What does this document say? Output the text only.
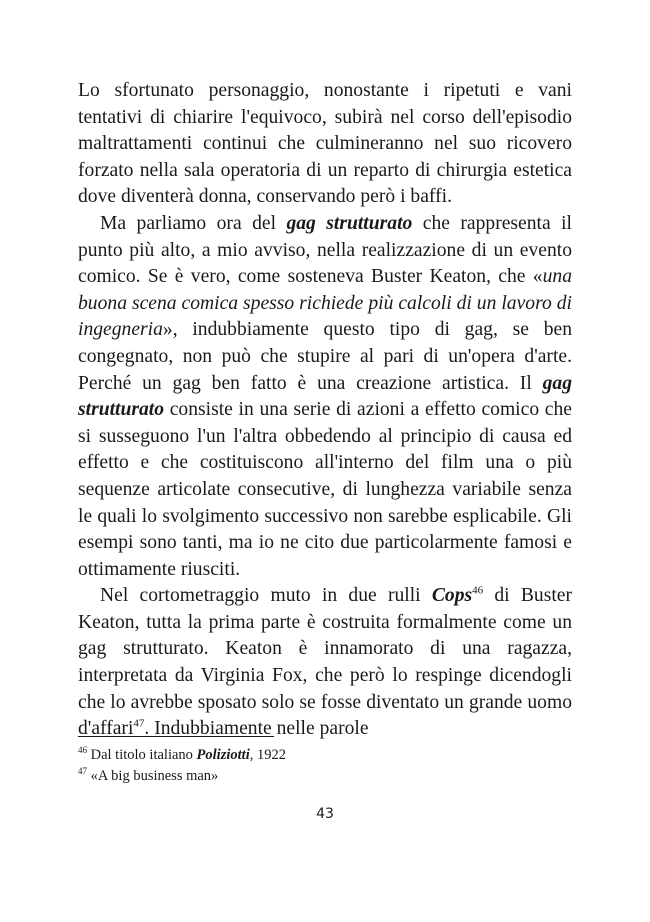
Lo sfortunato personaggio, nonostante i ripetuti e vani tentativi di chiarire l'equivoco, subirà nel corso dell'episodio maltrattamenti continui che culmineranno nel suo ricovero forzato nella sala operatoria di un reparto di chirurgia estetica dove diventerà donna, conservando però i baffi.

Ma parliamo ora del gag strutturato che rappresenta il punto più alto, a mio avviso, nella realizzazione di un evento comico. Se è vero, come sosteneva Buster Keaton, che «una buona scena comica spesso richiede più calcoli di un lavoro di ingegneria», indubbiamente questo tipo di gag, se ben congegnato, non può che stupire al pari di un'opera d'arte. Perché un gag ben fatto è una creazione artistica. Il gag strutturato consiste in una serie di azioni a effetto comico che si susseguono l'un l'altra obbedendo al principio di causa ed effetto e che costituiscono all'interno del film una o più sequenze articolate consecutive, di lunghezza variabile senza le quali lo svolgimento successivo non sarebbe esplicabile. Gli esempi sono tanti, ma io ne cito due particolarmente famosi e ottimamente riusciti.

Nel cortometraggio muto in due rulli Cops$^{46}$ di Buster Keaton, tutta la prima parte è costruita formalmente come un gag strutturato. Keaton è innamorato di una ragazza, interpretata da Virginia Fox, che però lo respinge dicendogli che lo avrebbe sposato solo se fosse diventato un grande uomo d'affari$^{47}$. Indubbiamente nelle parole

$^{46}$ Dal titolo italiano Poliziotti, 1922
$^{47}$ «A big business man»
43
